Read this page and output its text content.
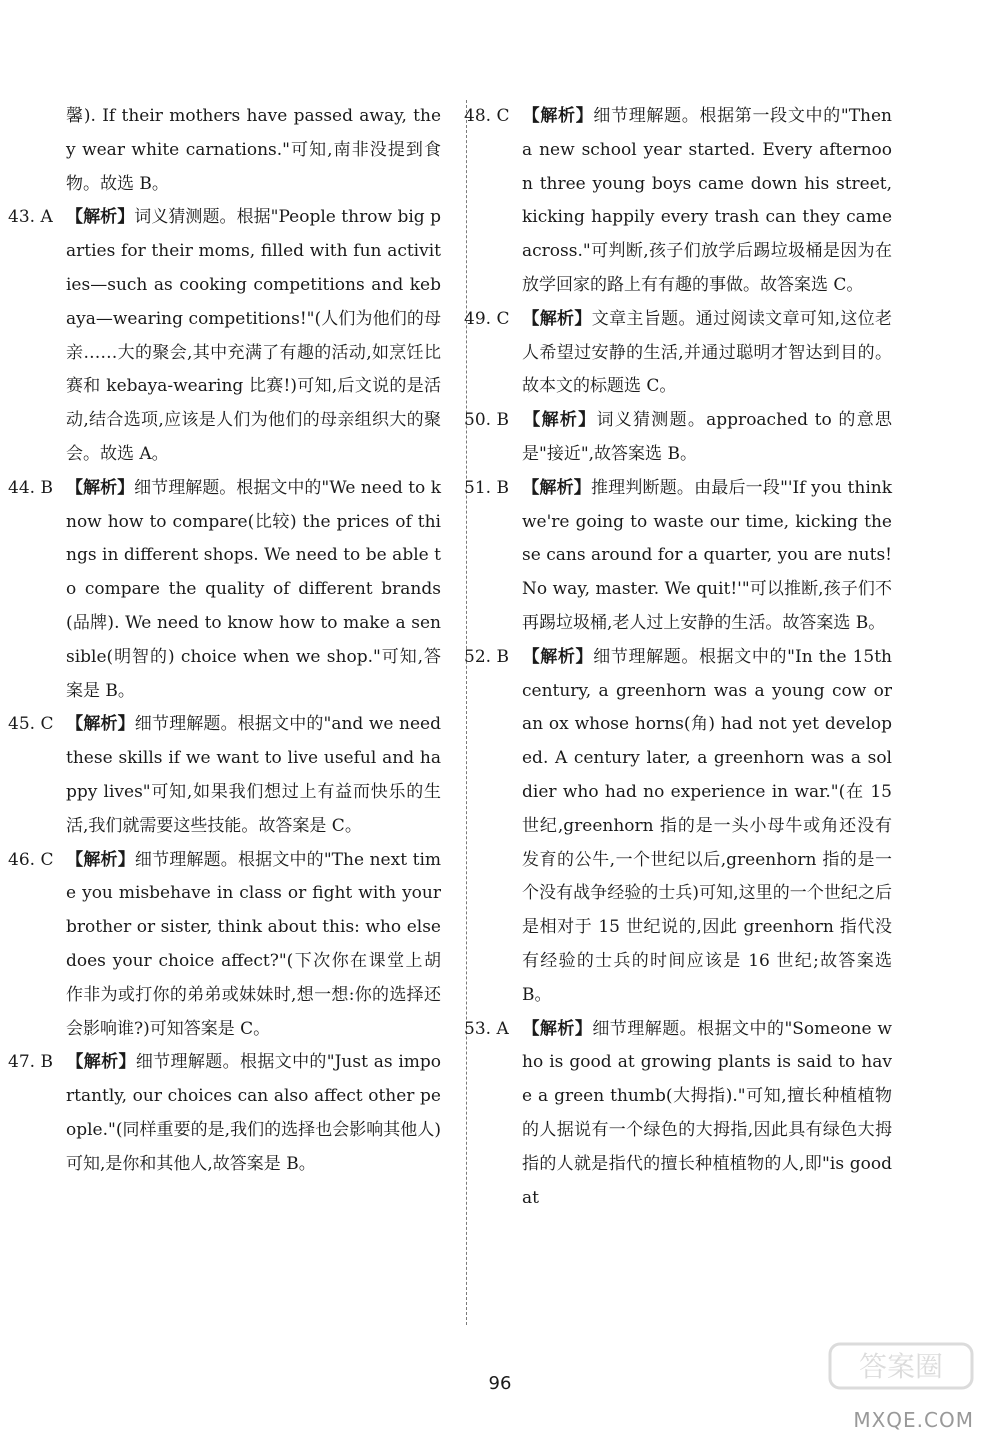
馨). If their mothers have passed away, they wear white carnations."可知,南非没提到食物。故选 B。

43. A 【解析】词义猜测题。根据"People throw big parties for their moms, filled with fun activities—such as cooking competitions and kebaya—wearing competitions!"(人们为他们的母亲……大的聚会,其中充满了有趣的活动,如烹饪比赛和 kebaya-wearing 比赛!)可知,后文说的是活动,结合选项,应该是人们为他们的母亲组织大的聚会。故选 A。

44. B 【解析】细节理解题。根据文中的"We need to know how to compare(比较) the prices of things in different shops. We need to be able to compare the quality of different brands(品牌). We need to know how to make a sensible(明智的) choice when we shop."可知,答案是 B。

45. C 【解析】细节理解题。根据文中的"and we need these skills if we want to live useful and happy lives"可知,如果我们想过上有益而快乐的生活,我们就需要这些技能。故答案是 C。

46. C 【解析】细节理解题。根据文中的"The next time you misbehave in class or fight with your brother or sister, think about this: who else does your choice affect?"(下次你在课堂上胡作非为或打你的弟弟或妹妹时,想一想:你的选择还会影响谁?)可知答案是 C。

47. B 【解析】细节理解题。根据文中的"Just as importantly, our choices can also affect other people."(同样重要的是,我们的选择也会影响其他人)可知,是你和其他人,故答案是 B。

48. C 【解析】细节理解题。根据第一段文中的"Then a new school year started. Every afternoon three young boys came down his street, kicking happily every trash can they came across."可判断,孩子们放学后踢垃圾桶是因为在放学回家的路上有有趣的事做。故答案选 C。

49. C 【解析】文章主旨题。通过阅读文章可知,这位老人希望过安静的生活,并通过聪明才智达到目的。故本文的标题选 C。

50. B 【解析】词义猜测题。approached to 的意思是"接近",故答案选 B。

51. B 【解析】推理判断题。由最后一段"'If you think we're going to waste our time, kicking these cans around for a quarter, you are nuts! No way, master. We quit!'"可以推断,孩子们不再踢垃圾桶,老人过上安静的生活。故答案选 B。

52. B 【解析】细节理解题。根据文中的"In the 15th century, a greenhorn was a young cow or an ox whose horns(角) had not yet developed. A century later, a greenhorn was a soldier who had no experience in war."(在 15 世纪,greenhorn 指的是一头小母牛或角还没有发育的公牛,一个世纪以后,greenhorn 指的是一个没有战争经验的士兵)可知,这里的一个世纪之后是相对于 15 世纪说的,因此 greenhorn 指代没有经验的士兵的时间应该是 16 世纪;故答案选 B。

53. A 【解析】细节理解题。根据文中的"Someone who is good at growing plants is said to have a green thumb(大拇指)."可知,擅长种植植物的人据说有一个绿色的大拇指,因此具有绿色大拇指的人就是指代的擅长种植植物的人,即"is good at

96
答案圈
MXQE.COM
